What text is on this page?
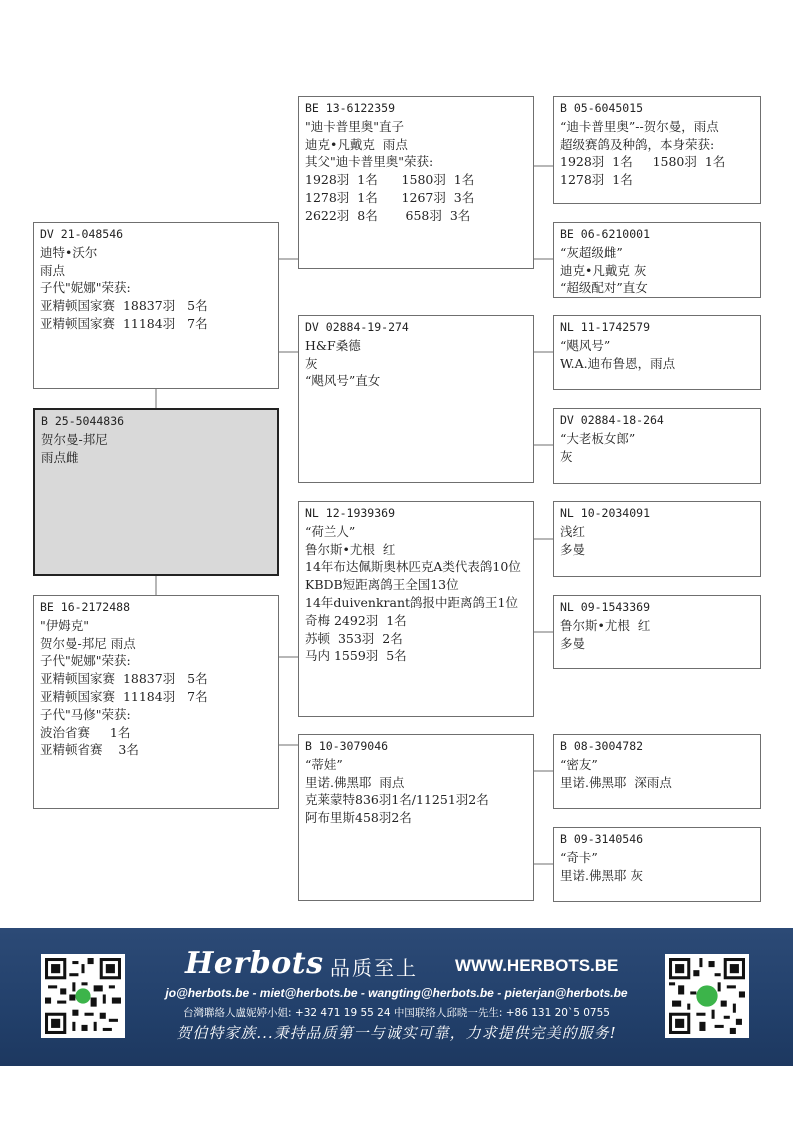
DV 21-048546
迪特•沃尔
雨点
子代"妮娜"荣获:
亚精顿国家赛  18837羽   5名
亚精顿国家赛  11184羽   7名
B 25-5044836
贺尔曼-邦尼
雨点雌
BE 16-2172488
"伊姆克"
贺尔曼-邦尼 雨点
子代"妮娜"荣获:
亚精顿国家赛  18837羽   5名
亚精顿国家赛  11184羽   7名
子代"马修"荣获:
波治省赛     1名
亚精顿省赛    3名
BE 13-6122359
"迪卡普里奥"直子
迪克•凡戴克  雨点
其父"迪卡普里奥"荣获:
1928羽  1名      1580羽  1名
1278羽  1名      1267羽  3名
2622羽  8名       658羽  3名
DV 02884-19-274
H&F桑德
灰
“飓风号”直女
NL 12-1939369
“荷兰人”
鲁尔斯•尤根  红
14年布达佩斯奥林匹克A类代表鸽10位
KBDB短距离鸽王全国13位
14年duivenkrant鸽报中距离鸽王1位
奇梅 2492羽  1名
苏顿  353羽  2名
马内 1559羽  5名
B 10-3079046
“蒂娃”
里诺.佛黑耶  雨点
克莱蒙特836羽1名/11251羽2名
阿布里斯458羽2名
B 05-6045015
“迪卡普里奥”--贺尔曼，雨点
超级赛鸽及种鸽，本身荣获:
1928羽  1名     1580羽  1名
1278羽  1名
BE 06-6210001
“灰超级雌”
迪克•凡戴克 灰
“超级配对”直女
NL 11-1742579
“飓风号”
W.A.迪布鲁恩，雨点
DV 02884-18-264
“大老板女郎”
灰
NL 10-2034091
浅红
多曼
NL 09-1543369
鲁尔斯•尤根  红
多曼
B 08-3004782
“密友”
里诺.佛黑耶  深雨点
B 09-3140546
“奇卡”
里诺.佛黑耶 灰
Herbots 品质至上 WWW.HERBOTS.BE
jo@herbots.be - miet@herbots.be - wangting@herbots.be - pieterjan@herbots.be
台灣聯絡人盧妮婷小姐: +32 471 19 55 24 中国联络人邱晓一先生: +86 131 20`5 0755
贺伯特家族...秉持品质第一与诚实可靠，力求提供完美的服务!
